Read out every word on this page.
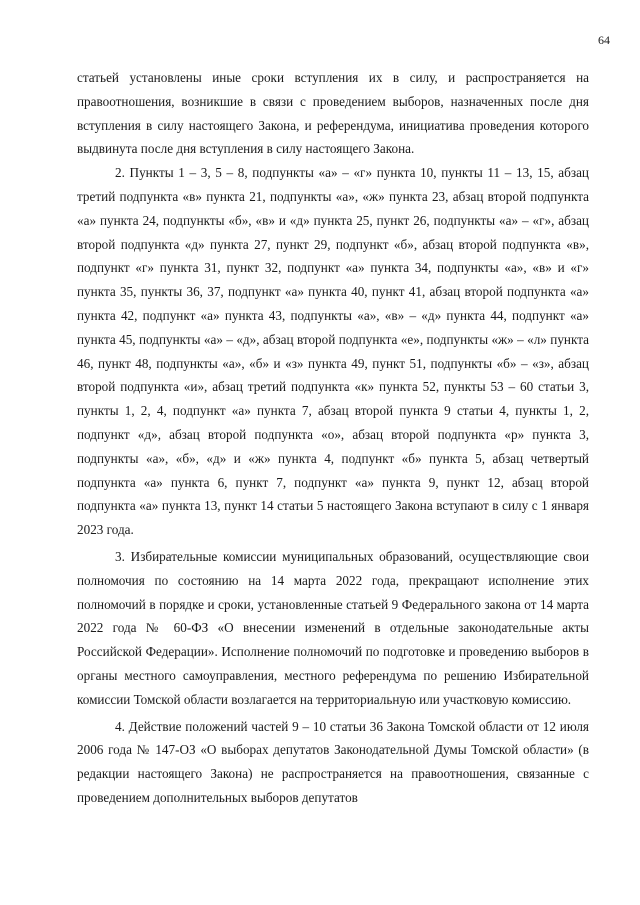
64

статьей установлены иные сроки вступления их в силу, и распространяется на правоотношения, возникшие в связи с проведением выборов, назначенных после дня вступления в силу настоящего Закона, и референдума, инициатива проведения которого выдвинута после дня вступления в силу настоящего Закона.

2. Пункты 1 – 3, 5 – 8, подпункты «а» – «г» пункта 10, пункты 11 – 13, 15, абзац третий подпункта «в» пункта 21, подпункты «а», «ж» пункта 23, абзац второй подпункта «а» пункта 24, подпункты «б», «в» и «д» пункта 25, пункт 26, подпункты «а» – «г», абзац второй подпункта «д» пункта 27, пункт 29, подпункт «б», абзац второй подпункта «в», подпункт «г» пункта 31, пункт 32, подпункт «а» пункта 34, подпункты «а», «в» и «г» пункта 35, пункты 36, 37, подпункт «а» пункта 40, пункт 41, абзац второй подпункта «а» пункта 42, подпункт «а» пункта 43, подпункты «а», «в» – «д» пункта 44, подпункт «а» пункта 45, подпункты «а» – «д», абзац второй подпункта «е», подпункты «ж» – «л» пункта 46, пункт 48, подпункты «а», «б» и «з» пункта 49, пункт 51, подпункты «б» – «з», абзац второй подпункта «и», абзац третий подпункта «к» пункта 52, пункты 53 – 60 статьи 3, пункты 1, 2, 4, подпункт «а» пункта 7, абзац второй пункта 9 статьи 4, пункты 1, 2, подпункт «д», абзац второй подпункта «о», абзац второй подпункта «р» пункта 3, подпункты «а», «б», «д» и «ж» пункта 4, подпункт «б» пункта 5, абзац четвертый подпункта «а» пункта 6, пункт 7, подпункт «а» пункта 9, пункт 12, абзац второй подпункта «а» пункта 13, пункт 14 статьи 5 настоящего Закона вступают в силу с 1 января 2023 года.

3. Избирательные комиссии муниципальных образований, осуществляющие свои полномочия по состоянию на 14 марта 2022 года, прекращают исполнение этих полномочий в порядке и сроки, установленные статьей 9 Федерального закона от 14 марта 2022 года № 60-ФЗ «О внесении изменений в отдельные законодательные акты Российской Федерации». Исполнение полномочий по подготовке и проведению выборов в органы местного самоуправления, местного референдума по решению Избирательной комиссии Томской области возлагается на территориальную или участковую комиссию.

4. Действие положений частей 9 – 10 статьи 36 Закона Томской области от 12 июля 2006 года № 147-ОЗ «О выборах депутатов Законодательной Думы Томской области» (в редакции настоящего Закона) не распространяется на правоотношения, связанные с проведением дополнительных выборов депутатов
